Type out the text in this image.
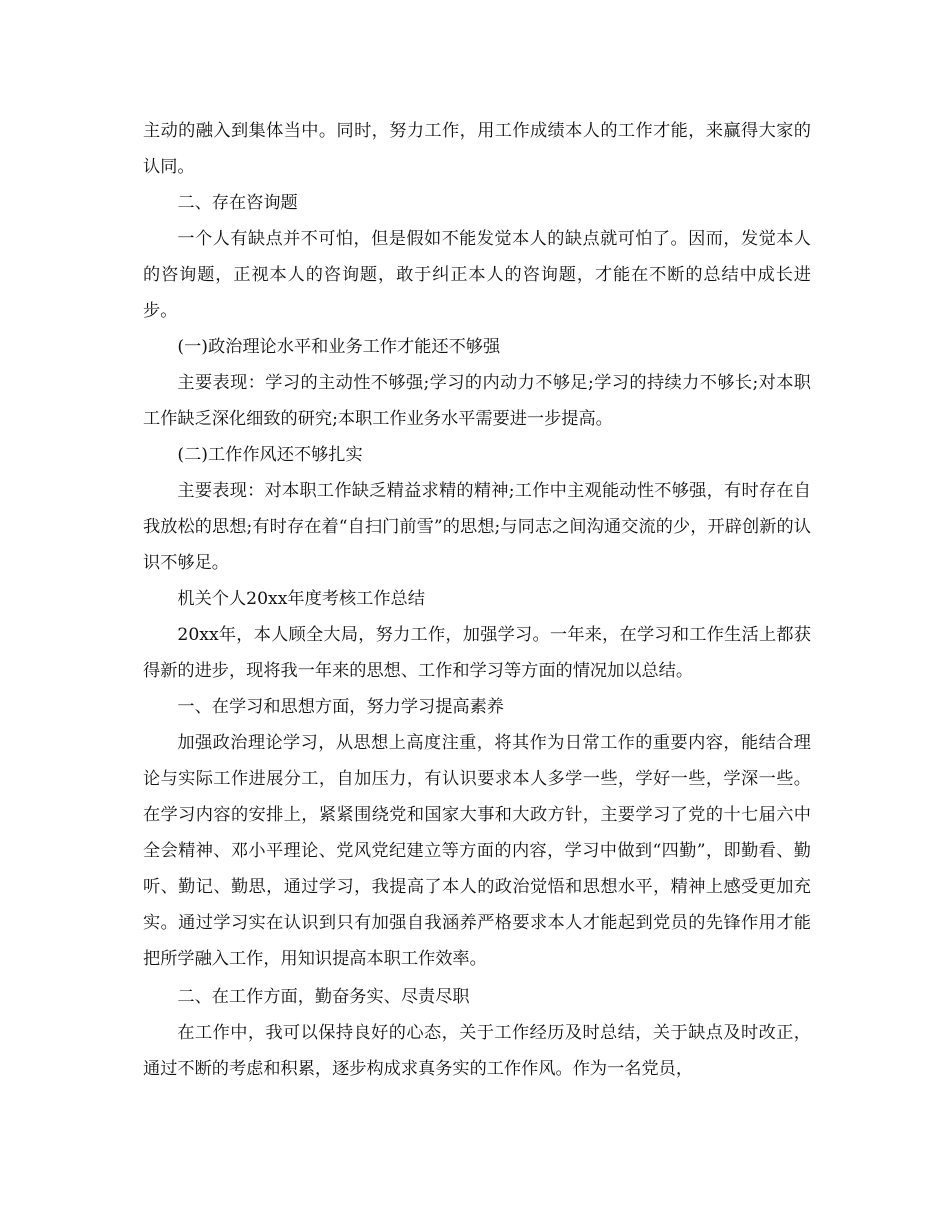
主动的融入到集体当中。同时，努力工作，用工作成绩本人的工作才能，来赢得大家的认同。

二、存在咨询题

一个人有缺点并不可怕，但是假如不能发觉本人的缺点就可怕了。因而，发觉本人的咨询题，正视本人的咨询题，敢于纠正本人的咨询题，才能在不断的总结中成长进步。

(一)政治理论水平和业务工作才能还不够强

主要表现：学习的主动性不够强;学习的内动力不够足;学习的持续力不够长;对本职工作缺乏深化细致的研究;本职工作业务水平需要进一步提高。

(二)工作作风还不够扎实

主要表现：对本职工作缺乏精益求精的精神;工作中主观能动性不够强，有时存在自我放松的思想;有时存在着“自扫门前雪”的思想;与同志之间沟通交流的少，开辟创新的认识不够足。

机关个人20xx年度考核工作总结

20xx年，本人顾全大局，努力工作，加强学习。一年来，在学习和工作生活上都获得新的进步，现将我一年来的思想、工作和学习等方面的情况加以总结。

一、在学习和思想方面，努力学习提高素养

加强政治理论学习，从思想上高度注重，将其作为日常工作的重要内容，能结合理论与实际工作进展分工，自加压力，有认识要求本人多学一些，学好一些，学深一些。在学习内容的安排上，紧紧围绕党和国家大事和大政方针，主要学习了党的十七届六中全会精神、邓小平理论、党风党纪建立等方面的内容，学习中做到“四勤”，即勤看、勤听、勤记、勤思，通过学习，我提高了本人的政治觉悟和思想水平，精神上感受更加充实。通过学习实在认识到只有加强自我涵养严格要求本人才能起到党员的先锋作用才能把所学融入工作，用知识提高本职工作效率。

二、在工作方面，勤奋务实、尽责尽职

在工作中，我可以保持良好的心态，关于工作经历及时总结，关于缺点及时改正，通过不断的考虑和积累，逐步构成求真务实的工作作风。作为一名党员，
